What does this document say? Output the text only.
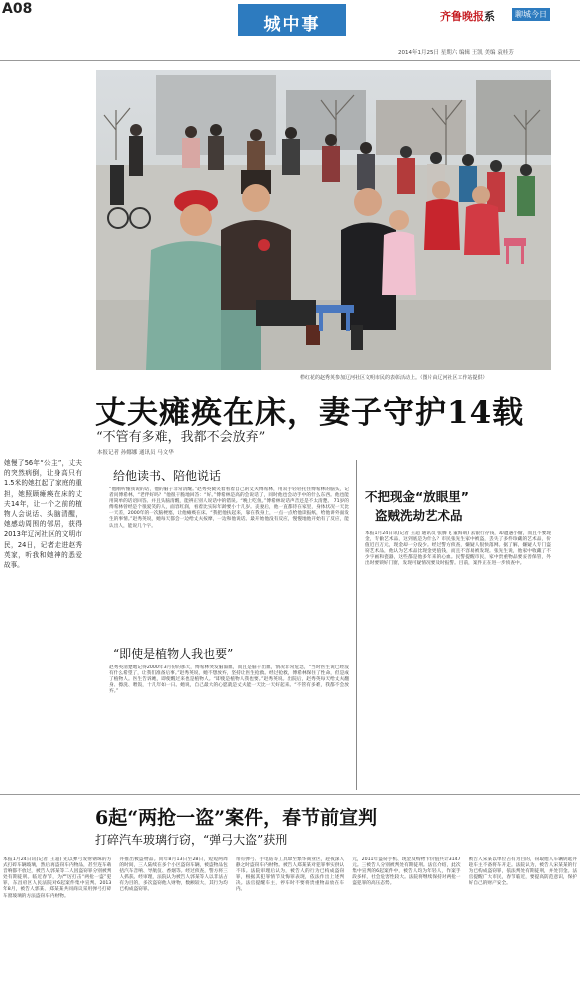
A08
城中事	齐鲁晚报系	聊城今日
2014年1月25日 星期六 编辑 王凯 美编 袁桂芳
栉红花的赵秀英参加辽河社区文明市民的表彰活动上。（图片由辽河社区工作站提供）
丈夫瘫痪在床，妻子守护14载
“不管有多难，我都不会放弃”
本报记者 孙娜娜 通讯员 马文华
她慢了56年“公主”，丈夫的突然病倒，让身高只有1.5米的她扛起了家庭的重担，她照顾瘫痪在床的丈夫14年，让一个之前的植物人会说话、头脑清醒，她感动周围的邻居，获得2013年辽河社区的文明市民，24日，记者走进赵秀英家，听我和她神的悉爱故事。
给他读书、陪他说话
“他刚听懂我说的话，他的脑子非常清醒。”赵秀英微笑着看着自己的丈夫傅希林，用双手轻轻托住傅希林的脑头，记者问傅希林，“老伴好吗？”他很干脆地回答：“好。”傅希林是高的会说话了，同时他也会动手中的什么东西。他也能用简单的话语回答。并且头脑清醒，能辨正别人说话中的错误。“晚上吃鱼。”傅希林说话声音还是不太清楚。 71岁的傅希林曾经是个很爱笑的人，面容红润，看着比实际年龄要小十几岁。丧妻后，他一直都待在家里，身体状况一天比一天差，2000年的一次脑梗塞，让他瘫痪在床。“我把他扶起来，靠在我身上，一点一点给他读报纸，给他讲外面发生的事情。”赵秀英说，她每天都会一边给丈夫按摩，一边和他说话。最开始他没有反应，慢慢地他开始有了反应，能认出人，能说几个字。
“即使是植物人我也要”
赵秀英清楚地记得2000年3月份的那天，傅希林突发脑溢血，而且是脑干出血，情况非常危急，“当时医生说已经没有什么希望了，让我们准备后事。”赵秀英说，她不想放弃，坚持让医生抢救。经过抢救，傅希林保住了性命，但是成了植物人。医生告诉她，即使醒过来也是植物人。“即使是植物人我也要。”赵秀英说。出院后，赵秀英每天给丈夫翻身、擦洗、喂饭，十几年如一日。她说，自己最大的心愿就是丈夫能一天比一天好起来。“不管有多难，我都不会放弃。”
不把现金“放眼里”
盗贼洗劫艺术品
本报1月24日讯(记者 王超 通讯员 张腾飞 董海萌) 去银行存钱，却遭遇小偷，而且不要现金，专偷艺术品，这到底是为什么？市民张先生家中被盗，丢失了多件珍藏的艺术品，价值近百万元，现金却一分没少。经过警方侦查，嫌疑人很快落网。据了解，嫌疑人专门盗窃艺术品，他认为艺术品比现金更值钱，而且不容易被发现。张先生说，他家中收藏了不少字画和瓷器，这些都是他多年来的心血。民警提醒市民，家中贵重物品要妥善保管，外出时要锁好门窗，发现可疑情况要及时报警。目前，案件正在进一步侦查中。
6起“两抢一盗”案件，春节前宣判
打碎汽车玻璃行窃，“弹弓大盗”获刑
本报1月24日讯(记者 王超) 先以弹弓发射钢珠的方式打碎车辆玻璃，然后再盗窃车内物品，甚至连车载音响都不放过，被告人郭某等二人因盗窃罪分别被判处有期徒刑。临近春节，为严厉打击“两抢一盗”犯罪，东昌府区人民法院对6起案件集中宣判。2013年8月，被告人郭某、郑某某共同商议采用弹弓打碎车窗玻璃的方法盗窃车内财物。
并推出被盗物品。同年8月13日至28日，短短两周的时间，三人陆续在多个小区盗窃车辆，被盗物品包括汽车音响、导航仪、香烟等。经过侦查，警方将三人抓获。经审理，法院认为被告人郭某等人以非法占有为目的，多次盗窃他人财物，数额较大，其行为均已构成盗窃罪。
带有弹弓、手电钻等工具窜至繁华商业区，趁夜深人静之时盗窃车内财物。被告人郑某某对犯罪事实供认不讳。法院审理后认为，被告人的行为已构成盗窃罪，根据其犯罪情节及悔罪表现，依法作出上述判决。法官提醒车主，停车时不要将贵重物品放在车内。
元，2011年盗窃手机、现金及购物卡价值共计3147元。三被告人分别被判处有期徒刑。法官介绍，此次集中宣判的6起案件中，被告人均为年轻人，作案手段多样，社会危害性较大。法院将继续保持对两抢一盗犯罪的高压态势。
被告人宋某以单位占有为目的，窃取他人车辆钥匙并趁车主不备将车开走。法院认为，被告人宋某某的行为已构成盗窃罪，依法判处有期徒刑，并处罚金。法官提醒广大市民，春节临近，要提高防范意识，保护好自己的财产安全。
